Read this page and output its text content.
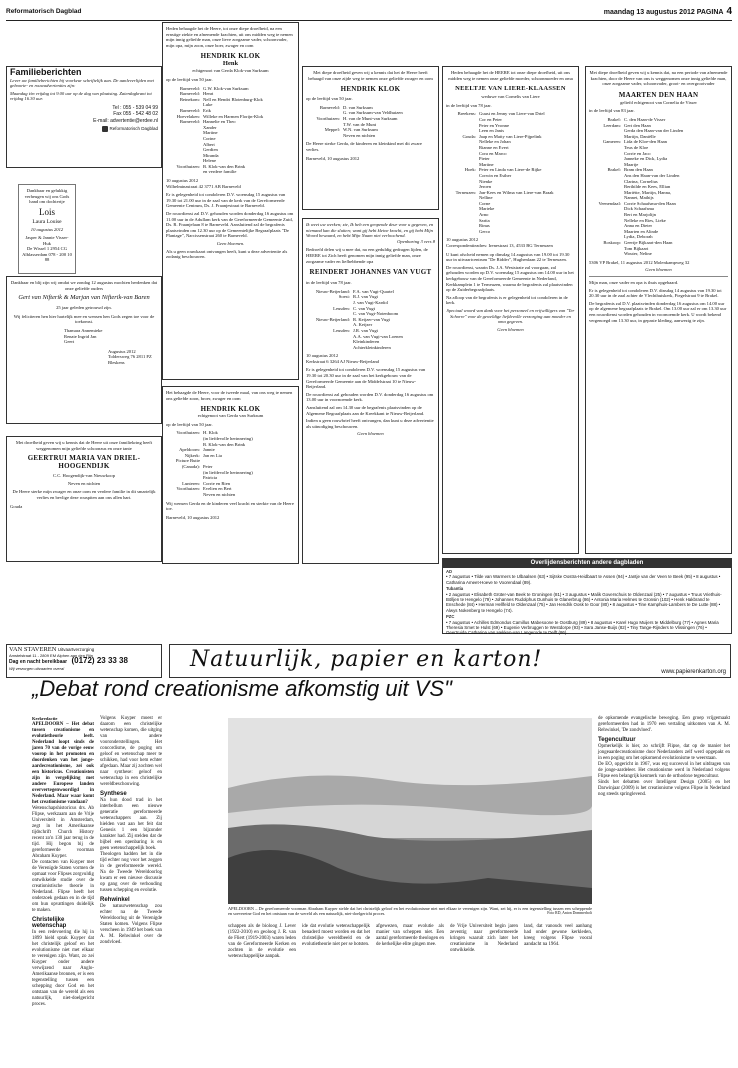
Reformatorisch Dagblad	maandag 13 augustus 2012 PAGINA 4
Familieberichten
Lever uw familieberichten bij voorkeur schriftelijk aan. De aanleverlijden met geboorte- en rouwadvertenties zijn:
Maandag t/m vrijdag tot 9.00 uur op de dag van plaatsing. Zaterdagkrant tot vrijdag 16.30 uur.
Tel : 055 - 539 04 99
Fax 055 - 542 48 02
E-mail: advertentie@erdee.nl
Reformatorisch Dagblad
Dankbaar en gelukkig verheugen wij ons Gods hand om dochtertje
Lois
Laura Louise
10 augustus 2012
Jasper & Jannie Visser-Huk
De Wissel 1 2954 CG Alblasserdam 078 - 200 10 88
Dankbaar en blij zijn wij omdat we zondag 12 augustus mochten herdenken dat onze geliefde ouders
Gert van Nifterik & Marjan van Nifterik-van Baren
25 jaar geleden getrouwd zijn.
Wij feliciteren hen hier hartelijk mee en wensen hen Gods zegen toe voor de toekomst.
Thamara Annemieke Renate Ingrid Jan Geert
Augustus 2012 Toldersweg 76 2811 PZ Bleskens
Met droefheid geven wij u kennis dat de Heere uit onze familiekring heeft weggenomen mijn geliefde schoonzus en onze tante
GEERTRUI MARIA VAN DRIEL-HOOGENDIJK
C.C. Hoogendijk-van Nieuwkoop
Neven en nichten
De Heere sterke mijn zwager en onze oom en verdere familie in dit smartelijk verlies en bevlige deze rouspiten aan ons allen hart.
Gouda
Heden behaagde het de Heere, tot onze diepe droefheid, na een ernstige ziekte en afnemende krachten, uit ons midden weg te nemen mijn innig geliefde man, onze lieve zorgzame vader, schoonvader, mijn opa, mijn zoon, onze boer, zwager en oom
HENDRIK KLOK
Henk
echtgenoot van Gerda Klok-van Surksum
op de leeftijd van 50 jaar.
Barneveld: G.W. Klok-van Surksum
Barneveld: Henri
Beinekom: Nell en Hendri Blotenburg-Klok
Luke
Barneveld: Erik
Hoevelaken: Willeke en Harmen Florijn-Klok
Barneveld: Hannelie en Theo
Xander
Martine
Corine
Albert
Gerdien
Miranda
Helene
Voorthuizen: B. Klok-van den Brink
en verdere familie
10 augustus 2012
Wilhelminastraat 42 3771 AB Barneveld
Er is gelegenheid tot condoleren D.V. woensdag 15 augustus van 19.30 tot 21.00 uur in de zaal van de kerk van de Gereformeerde Gemeente Centrum, Ds. J. Fraanjestraat te Barneveld.
De rouwdienst zal D.V. gehouden worden donderdag 16 augustus om 11.00 uur in de Adullam kerk van de Gereformeerde Gemeente Zuid, Ds. R. Fraanjelaan 8 te Barneveld. Aansluitend zal de begrafenis plaatsvinden om 12.30 uur op de Gemeentelijke Begraafplaats "De Plantage", Narcissenstraat 260 te Barneveld.
Geen bloemen.
Als u geen rouwkaart ontvangen heeft, kunt u deze advertentie als zodanig beschouwen.
Het behaagde de Heere, voor de tweede maal, van ons weg te nemen ons geliefde zoon, broer, zwager en oom
HENDRIK KLOK
echtgenoot van Gerda van Surksum
op de leeftijd van 50 jaar.
Voorthuizen: H. Klok
(in liefdevolle herinnering)
B. Klok-van den Brink
Apeldoorn: Jannie
Nijkerk: Jan en Lia
Picture Butte
(Canada): Peter
(in liefdevolle herinnering)
Patricia
Lunteren: Corrie en Rien
Voorthuizen: Evelien en Bert
Neven en nichten
Wij wensen Gerda en de kinderen veel kracht en sterkte van de Heere toe.
Barneveld, 10 augustus 2012
Met diepe droefheid geven wij u kennis dat het de Heere heeft behaagd van onze zijde weg te nemen onze geliefde zwager en oom
HENDRIK KLOK
op de leeftijd van 50 jaar.
Barneveld: D. van Surksum
G. van Surksum-van Veldhuizen
Voorthuizen: H. van de Munt-van Surksum
T.W. van de Munt
Meppel: W.N. van Surksum
Neven en nichten
De Heere sterke Gerda, de kinderen en kleinkind met dit zware verlies.
Barneveld, 10 augustus 2012
Ik weet uw werken; zie, Ik heb een geopende deur voor u gegeven, en niemand kan die sluiten; want gij hebt kleine kracht, en gij hebt Mijn Woord bewaard, en hebt Mijn Naam niet verloochend.
Openbaring 3 vers 8
Bedroefd delen wij u mee dat, na een geduldig gedragen lijden, de HEERE tot Zich heeft genomen mijn innig geliefde man, onze zorgzame vader en liefhebbende opa
REINDERT JOHANNES VAN VUGT
in de leeftijd van 78 jaar.
Nieuw-Beijerland: F.A. van Vugt-Quartel
Soest: R.J. van Vugt
J. van Vugt-Kardol
Leusden: C. van Vugt
C. van Vugt-Notenboom
Nieuw-Beijerland: R. Keijzer-van Vugt
A. Keijzer
Leusden: J.R. van Vugt
A.A. van Vugt-van Loenen
Kleinkinderen
Achterkleinkinderen
10 augustus 2012
Kerkstraat 6 3264 AJ Nieuw-Beijerland
Er is gelegenheid tot condoleren D.V. woensdag 15 augustus van 19.30 tot 20.30 uur in de zaal van het kerkgebouw van de Gereformeerde Gemeente aan de Middelstraat 10 te Nieuw-Beijerland.
De rouwdienst zal gehouden worden D.V. donderdag 16 augustus om 13.00 uur in voornoemde kerk.
Aansluitend zal om 14.30 uur de begrafenis plaatsvinden op de Algemene Begraafplaats aan de Kreekkant te Nieuw-Beijerland.
Indien u geen rouwbrief heeft ontvangen, dan kunt u deze advertentie als uitnodiging beschouwen.
Geen bloemen
Heden behaagde het de HEERE tot onze diepe droefheid, uit ons midden weg te nemen onze geliefde moeder, schoonmoeder en oma
NEELTJE VAN LIERE-KLAASSEN
weduwe van Cornelis van Liere
in de leeftijd van 78 jaar.
Breekens: Guust en Jenny van Liere-van Driel
Cor en Peter
Peter en Yvonne
Leen en Janis
Gouda: Jaap en Matty van Liere-Pijpelink
Nelleke en Johan
Rianne en Evert
Cora en Marco
Pieter
Martine
Hoek: Peter en Linda van Liere-de Rijke
Corwin en Esther
Nienke
Jeroen
Terneuzen: Jan-Kees en Wilma van Liere-van Braak
Nelline
Corne
Marieke
Arno
Sarita
Rinus
Gerco
10 augustus 2012
Correspondentieadres: Irenestraat 13, 4533 BG Terneuzen
U kunt afscheid nemen op dinsdag 14 augustus van 19.00 tot 19.30 uur in uitvaartcentrum "De Ridder", Hughenlaan 22 te Terneuzen.
De rouwdienst, waarin Ds. J.A. Weststrate zal voorgaan, zal gehouden worden op D.V. woensdag 15 augustus om 14.00 uur in het kerkgebouw van de Gereformeerde Gemeente in Nederland, Kerkkamplein 1 te Terneuzen, waarna de begrafenis zal plaatsvinden op de Zuiderbegraafplaats.
Na afloop van de begrafenis is er gelegenheid tot condoleren in de kerk.
Speciaal woord van dank voor het personeel en vrijwilligers van "Ter Schorre" voor de geweldige liefdevolle verzorging aan moeder en oma gegeven.
Geen bloemen
Met diepe droefheid geven wij u kennis dat, na een periode van afnemende krachten, door de Heere van ons is weggenomen onze innig geliefde man, onze zorgzame vader, schoonvader, groot- en overgrootvader
MAARTEN DEN HAAN
geliefd echtgenoot van Cornelia de Visser
in de leeftijd van 83 jaar.
Brakel: C. den Haan-de Visser
Leerdam: Gert den Haan
Gerda den Haan-van der Linden
Martijn, Daniëlle
Gameren: Lida de Kloe-den Haan
Teus de Kloe
Corrie en Jaco
Janneke en Dick, Lydia
Maartje
Brakel: Bram den Haan
Ans den Haan-van der Linden
Clarina, Cornelius
Berthilde en Kees, Ellian
Mariëtte, Martijn, Hanna,
Nannet, Mathijs
Veenendaal: Corrie Schaafsma-den Haan
Dick Schaafsma
Bert en Marjolijn
Nelleke en Ries, Lieke
Anna en Dieter
Maarten en Alinde
Lydia, Deborah
Boskoop: Geertje Bijkaart-den Haan
Tom Bijkaart
Wouter, Neline
5306 VP Brakel, 11 augustus 2012 Molenkampweg 32
Geen bloemen
Mijn man, onze vader en opa is thuis opgebaard.
Er is gelegenheid tot condoleren D.V. dinsdag 14 augustus van 19.30 tot 20.30 uur in de zaal achter de Vlechthuiskerk, Fiegelstraat 9 te Brakel.
De begrafenis zal D.V. plaatsvinden donderdag 16 augustus om 14.00 uur op de algemene begraafplaats te Brakel. Om 13.00 uur zal er om 13.30 uur een rouwdienst worden gehouden in voornoemde kerk. U wordt bekend vergenoegd om 13.30 uur, in gepaste kleding, aanwezig te zijn.
Overlijdensberichten andere dagbladen
AD
• 7 augustus • Tilde van Warmers te Ulbaalsen (63) • Sijtske Oostra-Heidbaart te Assen (94) • Jantje van der Veen te Beek (95) • 8 augustus • Catharina Ameet-Hoeve te Voorendaal (89).
Tubantia
• 2 augustus • Elisabeth Grüter-van Beek te Groningen (81) • 3 augustus • Malik Goverschuis te Oldenzaal (25) • 7 augustus • Truus Vriethuis-Bölljen te Hengelo (79) • Johannes Rudolphus Dunhuis te Glanerbrug (86) • Antonia Maria Helmes te Gronsin (102) • Henk Hakbrand te Enschede (84) • Herman Hellfeld te Oldenzaal (75) • Jan Hendrik Oosk te Goor (80) • 8 augustus • Tine Kamphuis-Lambers te De Lutte (88) • Alwys Nokenberg te Hengelo (74).
PZC
• 7 augustus • Achilles Edmondus Camillus Mabesoone te Oostburg (89) • 8 augustus • Karel Hugo Muijers te Middelburg (77) • Agnes Maria Theresia Smet te Hulst (69) • Eugenie Verbruggen te Westdorpe (93) • Sara Janse-Buijs (82) • Tiny Tange-Rijnders te Vlissingen (76) • Geertruida Catharina van Hekken-van Langerode te Delft (86).
VAN STAVEREN Uitvaartverzorging
Amstelstraat 11 - 2809 EM Alphen aan den Rijn
Dag en nacht bereikbaar (0172) 23 33 38
Wij verzorgen uitvaarten overal	Natuurlijk, papier en karton!	www.papierenkarton.org
„Debat rond creationisme afkomstig uit VS"
Kerkredactie
APELDOORN – Het debat tussen creationisme en evolutietheorie leeft. Nederland loopt sinds de jaren 70 van de vorige eeuw voorop in het promoten en doordenken van het jonge-aardecreationisme, zei ook een historicus. Creationisten zijn in vergelijking met andere Europese landen oververtegenwoordigd in Nederland. Maar waar komt het creationisme vandaan?
Wetenschapshistoricus drs. Ab Flipse, werkzaam aan de Vrije Universiteit in Amsterdam, zegt in het Amerikaanse tijdschrift Church History recent zo'n 130 jaar terug in de tijd. Hij begon bij de gereformeerde voorman Abraham Kuyper.
De contacten van Kuyper met de Verenigde Staten vormen de opmaat voor Flipses zorgvuldig ontwikkelde studie over de creationistische theorie in Nederland. Flipse heeft het onderzoek gedaan en in de tijd om hun opvattingen duidelijk te maken.
Christelijke wetenschap
In een redevoering die hij in 1899 hield sprak Kuyper dat het christelijk geloof en het evolutionisme niet met elkaar te verenigen zijn. Want, zo zei Kuyper onder andere verwijzend naar Anglo-Amerikaanse bronnen, er is een tegenstelling tussen een schepping door God en het ontstaan van de wereld als een natuurlijk, niet-doelgericht proces.
Volgens Kuyper moest er daarom een christelijke wetenschap komen, die uitging van andere vooronderstellingen. Het concordisme, de poging om geloof en wetenschap meer te schikken, had voor hem echter afgedaan. Maar zij zochten wel naar synthese: geloof en wetenschap in een christelijke wereldbeschouwing.
Synthese
Na hun dood trad in het interbellum een nieuwe generatie gereformeerde wetenschappers aan. Zij hielden vast aan het feit dat Genesis 1 een bijzonder karakter had. Zij stelden dat de bijbel een openbaring is en geen wetenschappelijk boek.
Theologen hadden het in die tijd echter nog voor het zeggen in de gereformeerde wereld. Na de Tweede Wereldoorlog kwam er een nieuwe discussie op gang over de verhouding tussen schepping en evolutie.
Rehwinkel
De natuurwetenschap zou echter na de Tweede Wereldoorlog uit de Verenigde Staten komen. Volgens Flipse verscheen in 1949 het boek van A. M. Rehwinkel over de zondvloed.
APELDOORN – De gereformeerde voorman Abraham Kuyper stelde dat het christelijk geloof en het evolutionisme niet met elkaar te verenigen zijn. Want, zei hij, er is een tegenstelling tussen een scheppende en soevereine God en het ontstaan van de wereld als een natuurlijk, niet-doelgericht proces.	Foto RD, Anton Dommerholt
schappen als de bioloog J. Lever (1922-2010) en geoloog J. R. van de Fliert (1919-2003) waren leden van de Gereformeerde Kerken en zochten in de evolutie een wetenschappelijke aanpak.
ide dat evolutie wetenschappelijk benaderd moest worden en dat het christelijke wereldbeeld en de evolutietheorie niet per se botsten.
afgewezen, maar evolutie als manier van scheppen niet. Een aantal gereformeerde theologen en de kerkelijke elite gingen mee.
de Vrije Universiteit begin jaren zeventig naar gereformeerde kringen waaruit zich later het creationisme in Nederland ontwikkelde.
land, dat vanouds veel aanhang had onder gewone kerkleden, kreeg volgens Flipse vooral aandacht na 1964.
de opkomende evangelische beweging. Een groep vrijgemaakt gereformeerden had in 1970 een vertaling uitkomen van A. M. Rehwinkel, 'De zondvloed'.
Tegencultuur
Opmerkelijk is hier, zo schrijft Flipse, dat op de manier het jongeaardecreationisme door Nederlanders zelf werd opgepakt en in een poging om het opkomend evolutionisme te weerstaan.
De EO, opgericht in 1967, was erg succesvol in het uitdragen van de jonge-aardeleer. Het creationisme werd in Nederland volgens Flipse een belangrijk kenmerk van de orthodoxe tegencultuur.
Sinds het debatten over Intelligent Design (2005) en het Darwinjaar (2009) is het creationisme volgens Flipse in Nederland nog steeds springlevend.
